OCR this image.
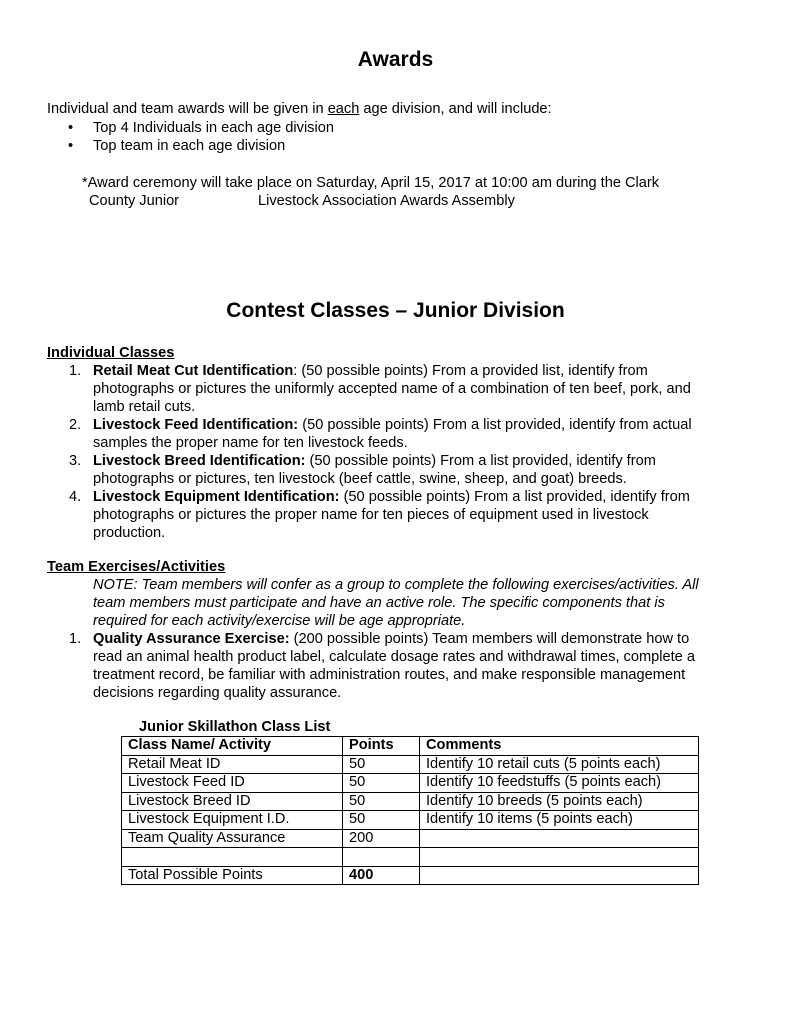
Awards
Individual and team awards will be given in each age division, and will include:
• Top 4 Individuals in each age division
• Top team in each age division
*Award ceremony will take place on Saturday, April 15, 2017 at 10:00 am during the Clark
County Junior	Livestock Association Awards Assembly
Contest Classes – Junior Division
Individual Classes
1. Retail Meat Cut Identification: (50 possible points) From a provided list, identify from
photographs or pictures the uniformly accepted name of a combination of ten beef, pork, and
lamb retail cuts.
2. Livestock Feed Identification: (50 possible points) From a list provided, identify from actual
samples the proper name for ten livestock feeds.
3. Livestock Breed Identification: (50 possible points) From a list provided, identify from
photographs or pictures, ten livestock (beef cattle, swine, sheep, and goat) breeds.
4. Livestock Equipment Identification: (50 possible points) From a list provided, identify from
photographs or pictures the proper name for ten pieces of equipment used in livestock
production.
Team Exercises/Activities
NOTE: Team members will confer as a group to complete the following exercises/activities. All
team members must participate and have an active role. The specific components that is
required for each activity/exercise will be age appropriate.
1. Quality Assurance Exercise: (200 possible points) Team members will demonstrate how to
read an animal health product label, calculate dosage rates and withdrawal times, complete a
treatment record, be familiar with administration routes, and make responsible management
decisions regarding quality assurance.
Junior Skillathon Class List
Class Name/ Activity	Points	Comments
Retail Meat ID	50	Identify 10 retail cuts (5 points each)
Livestock Feed ID	50	Identify 10 feedstuffs (5 points each)
Livestock Breed ID	50	Identify 10 breeds (5 points each)
Livestock Equipment I.D.	50	Identify 10 items (5 points each)
Team Quality Assurance	200	

Total Possible Points	400	
